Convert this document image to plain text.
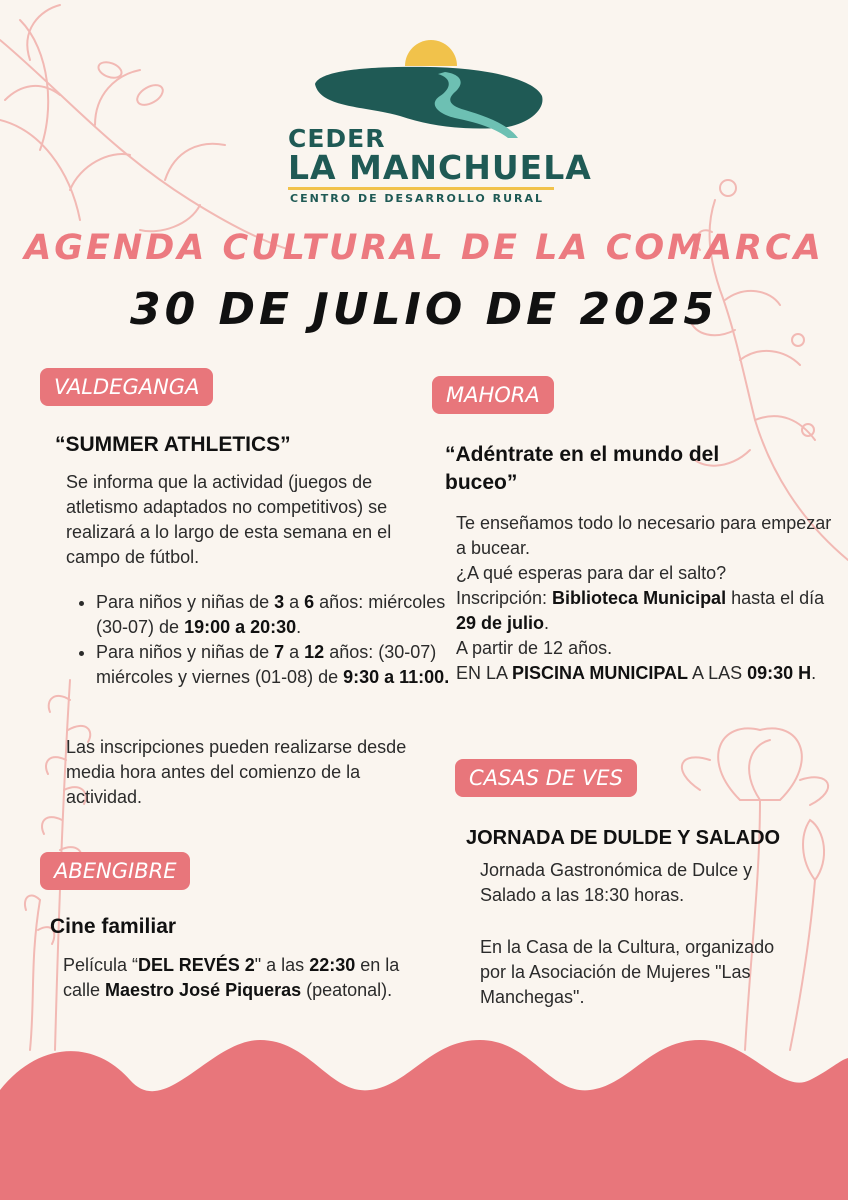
CEDER
LA MANCHUELA
CENTRO DE DESARROLLO RURAL
AGENDA CULTURAL DE LA COMARCA
30 DE JULIO DE 2025
VALDEGANGA
“SUMMER ATHLETICS”
Se informa que la actividad (juegos de atletismo adaptados no competitivos) se realizará a lo largo de esta semana en el campo de fútbol.
• Para niños y niñas de 3 a 6 años: miércoles (30-07) de 19:00 a 20:30.
• Para niños y niñas de 7 a 12 años: (30-07) miércoles y viernes (01-08) de 9:30 a 11:00.
Las inscripciones pueden realizarse desde media hora antes del comienzo de la actividad.
ABENGIBRE
Cine familiar
Película “DEL REVÉS 2" a las 22:30 en la calle Maestro José Piqueras (peatonal).
MAHORA
“Adéntrate en el mundo del buceo”
Te enseñamos todo lo necesario para empezar a bucear.
¿A qué esperas para dar el salto?
Inscripción: Biblioteca Municipal hasta el día 29 de julio.
A partir de 12 años.
EN LA PISCINA MUNICIPAL A LAS 09:30 H.
CASAS DE VES
JORNADA DE DULDE Y SALADO
Jornada Gastronómica de Dulce y Salado a las 18:30 horas.
En la Casa de la Cultura, organizado por la Asociación de Mujeres "Las Manchegas".
